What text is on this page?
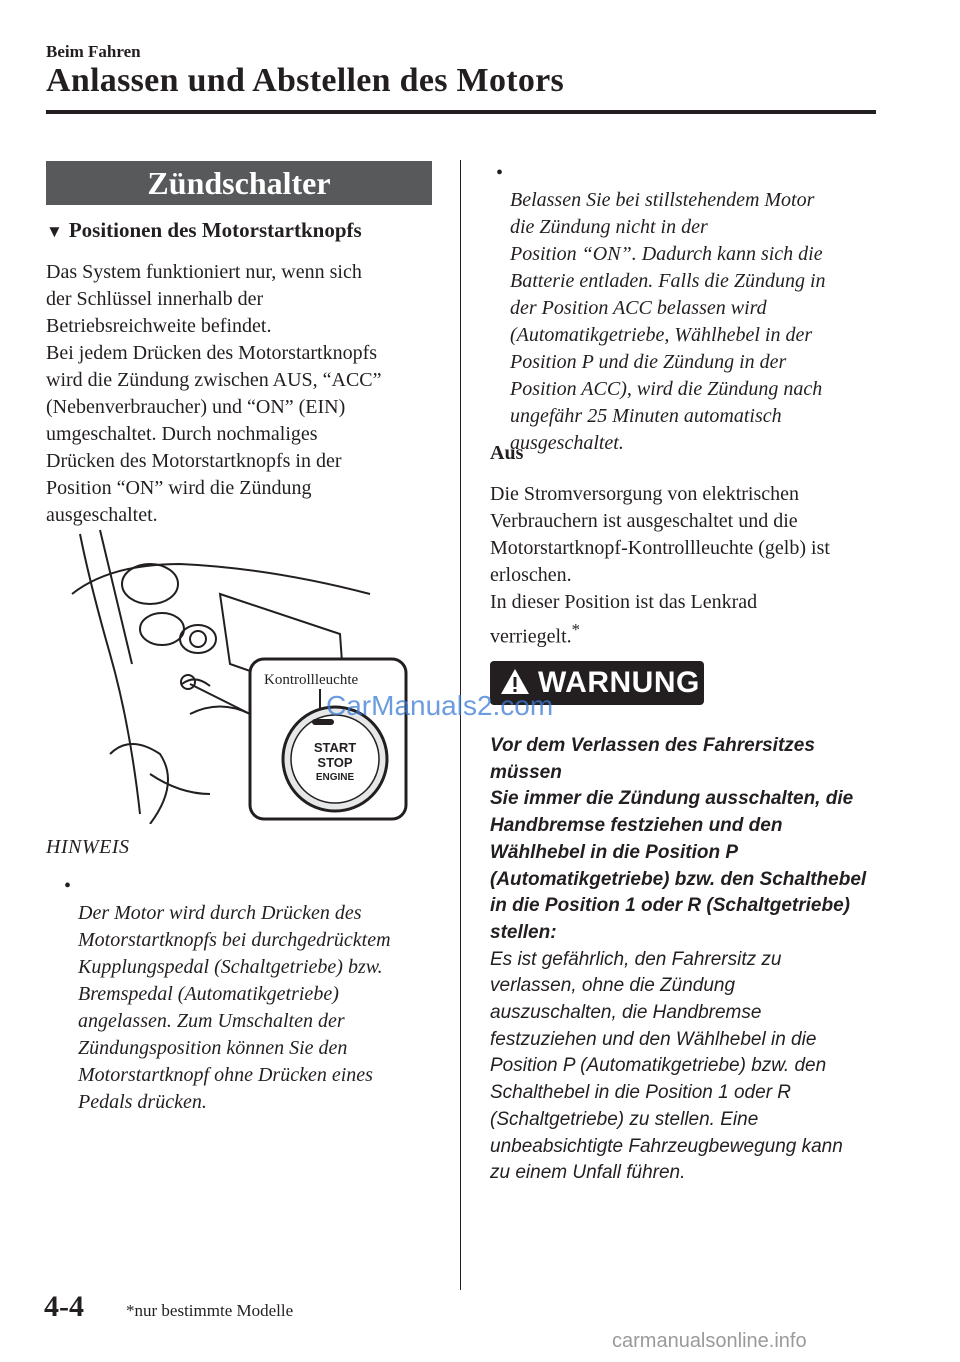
Beim Fahren
Anlassen und Abstellen des Motors
Zündschalter
▼ Positionen des Motorstartknopfs
Das System funktioniert nur, wenn sich
der Schlüssel innerhalb der
Betriebsreichweite befindet.
Bei jedem Drücken des Motorstartknopfs
wird die Zündung zwischen AUS, “ACC”
(Nebenverbraucher) und “ON” (EIN)
umgeschaltet. Durch nochmaliges
Drücken des Motorstartknopfs in der
Position “ON” wird die Zündung
ausgeschaltet.
START
STOP
ENGINE
Kontrollleuchte
HINWEIS

•
Der Motor wird durch Drücken des
Motorstartknopfs bei durchgedrücktem
Kupplungspedal (Schaltgetriebe) bzw.
Bremspedal (Automatikgetriebe)
angelassen. Zum Umschalten der
Zündungsposition können Sie den
Motorstartknopf ohne Drücken eines
Pedals drücken.

•
Belassen Sie bei stillstehendem Motor
die Zündung nicht in der
Position “ON”. Dadurch kann sich die
Batterie entladen. Falls die Zündung in
der Position ACC belassen wird
(Automatikgetriebe, Wählhebel in der
Position P und die Zündung in der
Position ACC), wird die Zündung nach
ungefähr 25 Minuten automatisch
ausgeschaltet.

Aus
Die Stromversorgung von elektrischen
Verbrauchern ist ausgeschaltet und die
Motorstartknopf-Kontrollleuchte (gelb) ist
erloschen.
In dieser Position ist das Lenkrad
verriegelt.*
WARNUNG
Vor dem Verlassen des Fahrersitzes müssen
Sie immer die Zündung ausschalten, die
Handbremse festziehen und den
Wählhebel in die Position P
(Automatikgetriebe) bzw. den Schalthebel
in die Position 1 oder R (Schaltgetriebe)
stellen:
Es ist gefährlich, den Fahrersitz zu
verlassen, ohne die Zündung
auszuschalten, die Handbremse
festzuziehen und den Wählhebel in die
Position P (Automatikgetriebe) bzw. den
Schalthebel in die Position 1 oder R
(Schaltgetriebe) zu stellen. Eine
unbeabsichtigte Fahrzeugbewegung kann
zu einem Unfall führen.
4-4 *nur bestimmte Modelle
CarManuals2.com
carmanualsonline.info
